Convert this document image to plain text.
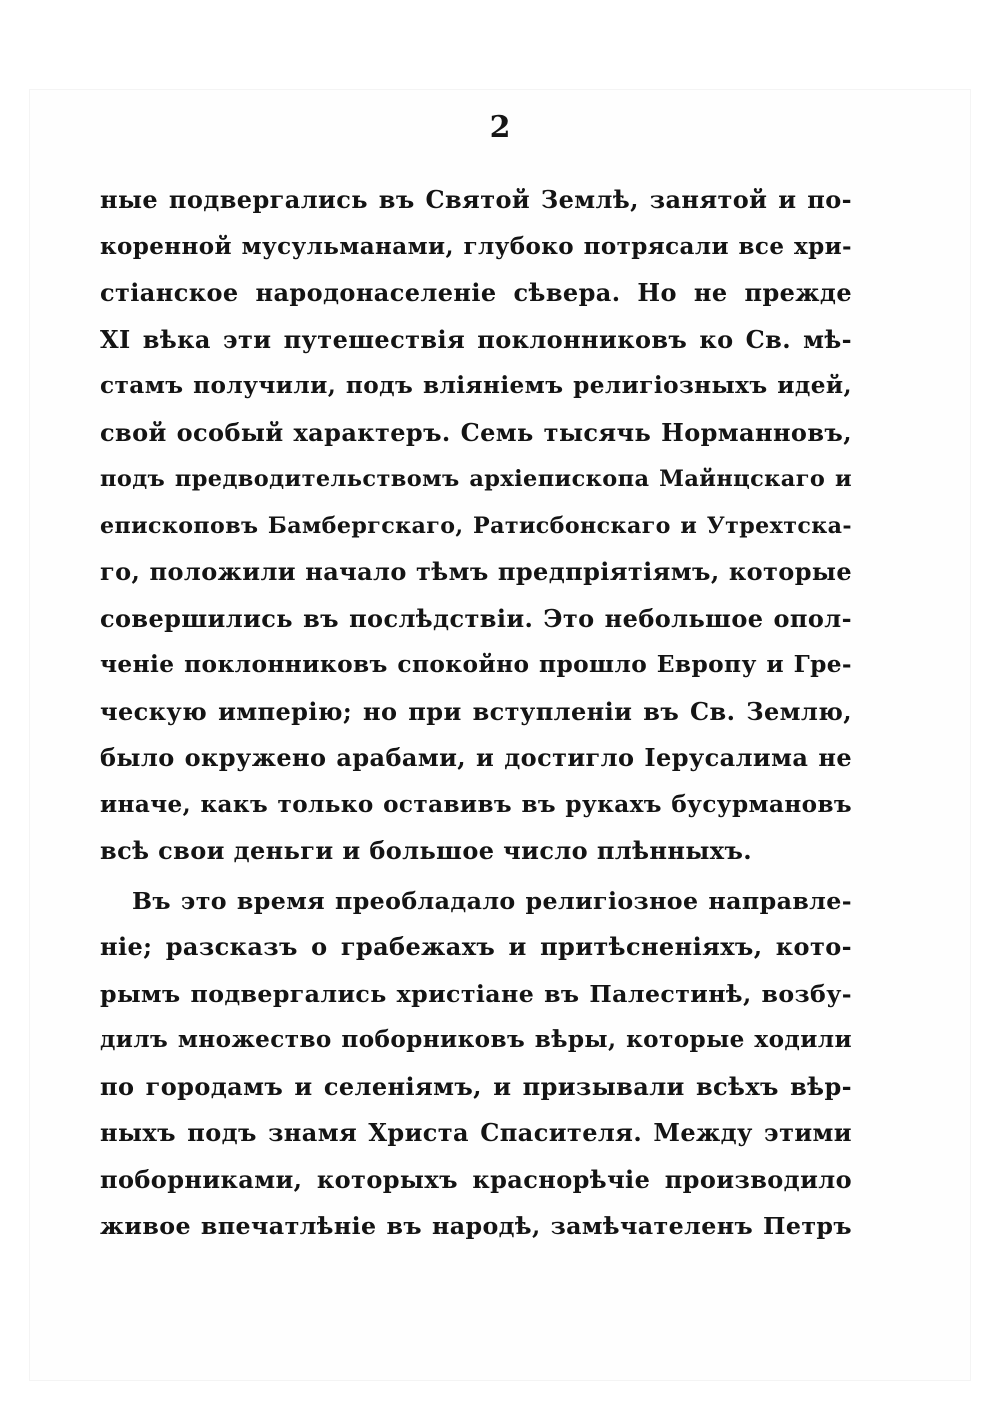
2
ные подвергались въ Святой Землѣ, занятой и по-
коренной мусульманами, глубоко потрясали все хри-
стіанское народонаселеніе сѣвера. Но не прежде
XI вѣка эти путешествія поклонниковъ ко Св. мѣ-
стамъ получили, подъ вліяніемъ религіозныхъ идей,
свой особый характеръ. Семь тысячь Норманновъ,
подъ предводительствомъ архіепископа Майнцскаго и
епископовъ Бамбергскаго, Ратисбонскаго и Утрехтска-
го, положили начало тѣмъ предпріятіямъ, которые
совершились въ послѣдствіи. Это небольшое опол-
ченіе поклонниковъ спокойно прошло Европу и Гре-
ческую имперію; но при вступленіи въ Св. Землю,
было окружено арабами, и достигло Іерусалима не
иначе, какъ только оставивъ въ рукахъ бусурмановъ
всѣ свои деньги и большое число плѣнныхъ.
Въ это время преобладало религіозное направле-
ніе; разсказъ о грабежахъ и притѣсненіяхъ, кото-
рымъ подвергались христіане въ Палестинѣ, возбу-
дилъ множество поборниковъ вѣры, которые ходили
по городамъ и селеніямъ, и призывали всѣхъ вѣр-
ныхъ подъ знамя Христа Спасителя. Между этими
поборниками, которыхъ краснорѣчіе производило
живое впечатлѣніе въ народѣ, замѣчателенъ Петръ
